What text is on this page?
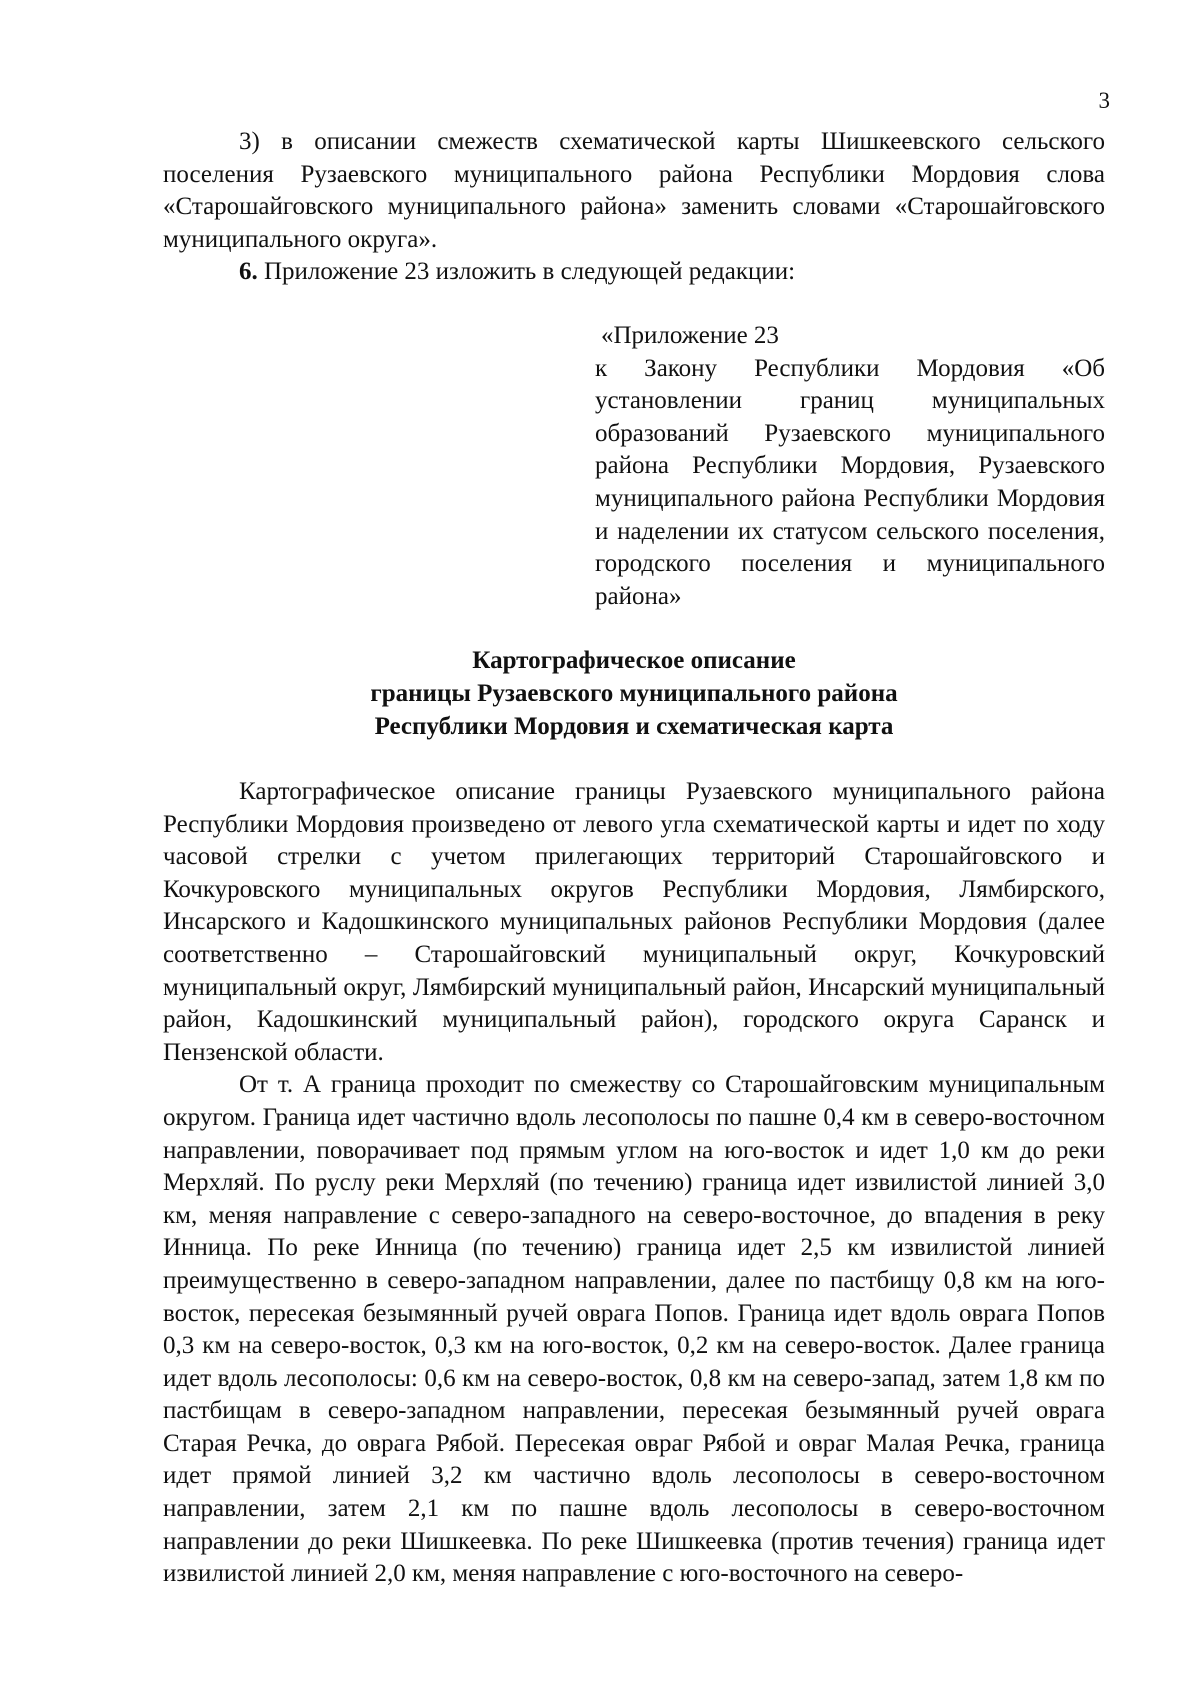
3

3) в описании смежеств схематической карты Шишкеевского сельского поселения Рузаевского муниципального района Республики Мордовия слова «Старошайговского муниципального района» заменить словами «Старошайговского муниципального округа».

6. Приложение 23 изложить в следующей редакции:

«Приложение 23
к Закону Республики Мордовия «Об установлении границ муниципальных образований Рузаевского муниципального района Республики Мордовия, Рузаевского муниципального района Республики Мордовия и наделении их статусом сельского поселения, городского поселения и муниципального района»
Картографическое описание
границы Рузаевского муниципального района
Республики Мордовия и схематическая карта

Картографическое описание границы Рузаевского муниципального района Республики Мордовия произведено от левого угла схематической карты и идет по ходу часовой стрелки с учетом прилегающих территорий Старошайговского и Кочкуровского муниципальных округов Республики Мордовия, Лямбирского, Инсарского и Кадошкинского муниципальных районов Республики Мордовия (далее соответственно – Старошайговский муниципальный округ, Кочкуровский муниципальный округ, Лямбирский муниципальный район, Инсарский муниципальный район, Кадошкинский муниципальный район), городского округа Саранск и Пензенской области.

От т. А граница проходит по смежеству со Старошайговским муниципальным округом. Граница идет частично вдоль лесополосы по пашне 0,4 км в северо-восточном направлении, поворачивает под прямым углом на юго-восток и идет 1,0 км до реки Мерхляй. По руслу реки Мерхляй (по течению) граница идет извилистой линией 3,0 км, меняя направление с северо-западного на северо-восточное, до впадения в реку Инница. По реке Инница (по течению) граница идет 2,5 км извилистой линией преимущественно в северо-западном направлении, далее по пастбищу 0,8 км на юго-восток, пересекая безымянный ручей оврага Попов. Граница идет вдоль оврага Попов 0,3 км на северо-восток, 0,3 км на юго-восток, 0,2 км на северо-восток. Далее граница идет вдоль лесополосы: 0,6 км на северо-восток, 0,8 км на северо-запад, затем 1,8 км по пастбищам в северо-западном направлении, пересекая безымянный ручей оврага Старая Речка, до оврага Рябой. Пересекая овраг Рябой и овраг Малая Речка, граница идет прямой линией 3,2 км частично вдоль лесополосы в северо-восточном направлении, затем 2,1 км по пашне вдоль лесополосы в северо-восточном направлении до реки Шишкеевка. По реке Шишкеевка (против течения) граница идет извилистой линией 2,0 км, меняя направление с юго-восточного на северо-
